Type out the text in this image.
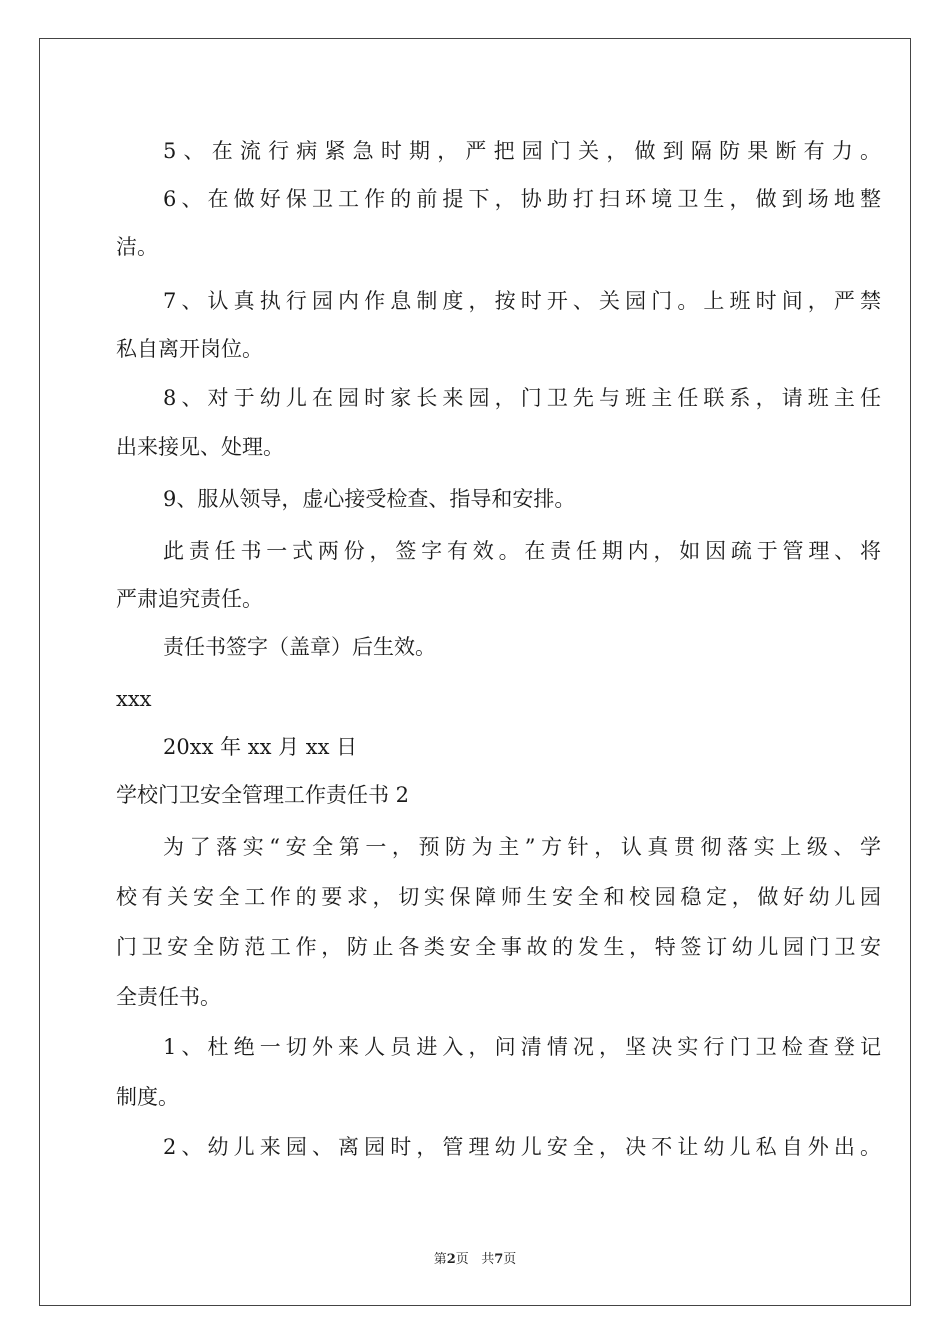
5、在流行病紧急时期，严把园门关，做到隔防果断有力。
6、在做好保卫工作的前提下，协助打扫环境卫生，做到场地整
洁。
7、认真执行园内作息制度，按时开、关园门。上班时间，严禁
私自离开岗位。
8、对于幼儿在园时家长来园，门卫先与班主任联系，请班主任
出来接见、处理。
9、服从领导，虚心接受检查、指导和安排。
此责任书一式两份，签字有效。在责任期内，如因疏于管理、将
严肃追究责任。
责任书签字（盖章）后生效。
xxx
20xx 年 xx 月 xx 日
学校门卫安全管理工作责任书 2
为了落实“安全第一，预防为主”方针，认真贯彻落实上级、学
校有关安全工作的要求，切实保障师生安全和校园稳定，做好幼儿园
门卫安全防范工作，防止各类安全事故的发生，特签订幼儿园门卫安
全责任书。
1、杜绝一切外来人员进入，问清情况，坚决实行门卫检查登记
制度。
2、幼儿来园、离园时，管理幼儿安全，决不让幼儿私自外出。
第2页 共7页
